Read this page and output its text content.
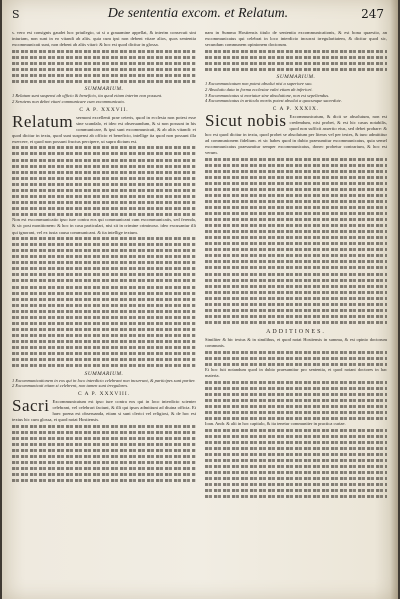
S	De sententia excom. et Relatum.	247

s. vero est consignis gaudet hoc priuilegio, ut si a grauamine appellat, & interim consecuti sint iniuriam, non sunt in eo vitandi ab aliis. quia cum ipsi non debent vitare alios, quos sententia excommunicati sunt, non debent ab aliis vitari: & hoc est quod dicitur in glossa.

SUMMARIUM.

1 Relatum sunt suspensi ab officio & beneficio, ita quod etiam interim non possunt.

2 Seruiens non debet vitari communicare cum excommunicato.

C A P. XXXVII.
Relatum sermoni excellenti prae ceteris, quod in ecclesia non potest esse sine scandalo, et ideo est obseruandum, & si non possunt in his communicare, & ipsi sunt excommunicati, & ab aliis vitandi: et quod dicitur in textu, quod sunt suspensi ab officio et beneficio, intellige ita quod non possunt illa exercere, et quod non possunt fructus percipere, ut supra dictum est.

Non est excommunicatio ipso iure contra eos qui communicant cum excommunicatis, sed ferenda, & sic post monitionem: & hoc in casu particulari, nisi sit in crimine criminoso. ideo excusantur illi qui ignorant, vel ex iusta causa communicant. & ita intellige textum.

SUMMARIUM.

1 Excommunicationem in eos qui in loco interdicto celebrant non incurrunt, & participes sunt pariter.

2 Excommunicati etiam si celebrent, non tamen sunt irregulares.

C A P. XXXVIII.
Sacri Excommunicatum est ipso iure contra eos qui in loco interdicto scienter celebrant, vel celebrari faciunt, & illi qui ipsos admittunt ad diuina officia. Et haec poena est obseruanda, etiam si sunt clerici vel religiosi, & de hoc est textus hic cum glossa, et quod notat Hostiensis.

nam in Summa Hostiensis titulo de sententia excommunicationis, & est bona quaestio, an excommunicatus qui celebrat in loco interdicto incurrat irregularitatem, & dicitur quod sic, secundum communem opinionem doctorum.

SUMMARIUM.

1 Excommunicatum non potest absolui nisi a superiore suo.

2 Absolutio data in forma ecclesiae valet etiam ab inferiori.

3 Excommunicatus si moriatur sine absolutione, non est sepeliendus.

4 Excommunicatus in articulo mortis potest absolui a quocunque sacerdote.

C A P. XXXIX.
Sicut nobis Excommunicatum, & dicit se absolutum, non est credendum, nisi probet, & est hic casus notabilis, quod non sufficit assertio eius, sed debet probare: & hoc est quod dicitur in textu, quod probet se absolutum per literas vel per testes, & tunc admittitur ad communionem fidelium. et sic habes quod in dubio praesumitur excommunicatus, quia semel excommunicatus praesumitur semper excommunicatus, donec probetur contrarium, & hoc est verum.

ADDITIONES.

Similiter & hic textus & in similibus, et quod notat Hostiensis in summa, & est opinio doctorum communis.

Et hoc fuit notandum quod in dubio praesumitur pro sententia, et quod notant doctores in hac materia.

Ioan. Andr. & alii in hoc capitulo, & ita tenetur communiter in practica curiae.
